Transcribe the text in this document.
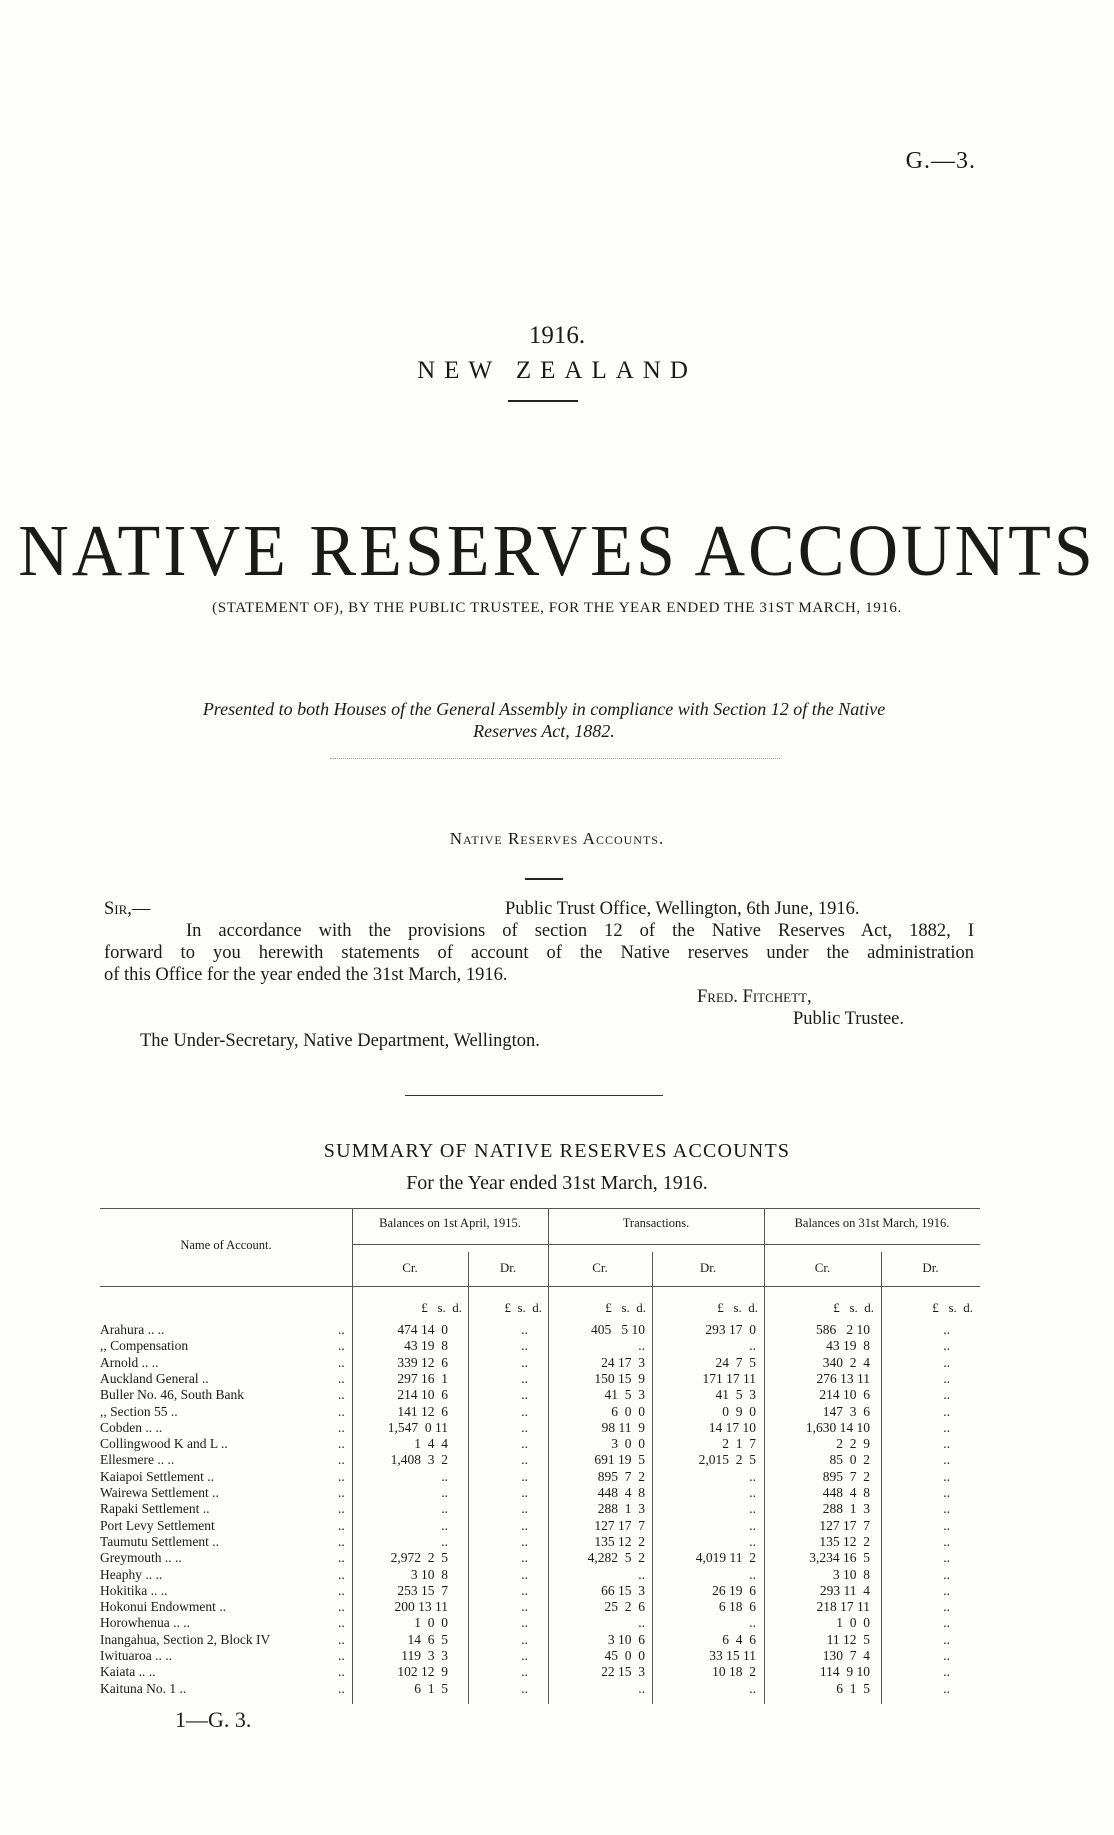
G.—3.
1916.
NEW ZEALAND
NATIVE RESERVES ACCOUNTS
(STATEMENT OF), BY THE PUBLIC TRUSTEE, FOR THE YEAR ENDED THE 31ST MARCH, 1916.
Presented to both Houses of the General Assembly in compliance with Section 12 of the Native
Reserves Act, 1882.
Native Reserves Accounts.
Sir,—	Public Trust Office, Wellington, 6th June, 1916.
In accordance with the provisions of section 12 of the Native Reserves Act, 1882, I
forward to you herewith statements of account of the Native reserves under the administration
of this Office for the year ended the 31st March, 1916.
Fred. Fitchett,
Public Trustee.
The Under-Secretary, Native Department, Wellington.
SUMMARY OF NATIVE RESERVES ACCOUNTS
For the Year ended 31st March, 1916.
Name of Account.
Balances on 1st April, 1915.	Transactions.	Balances on 31st March, 1916.
Cr.	Dr.	Cr.	Dr.	Cr.	Dr.
£   s.  d.	£  s.  d.	£   s.  d.	£   s.  d.	£   s.  d.	£   s.  d.
Arahura .. ..	..	474 14  0	..	405   5 10	293 17  0	586   2 10	..
,, Compensation	..	43 19  8	..	..	..	43 19  8	..
Arnold .. ..	..	339 12  6	..	24 17  3	24  7  5	340  2  4	..
Auckland General ..	..	297 16  1	..	150 15  9	171 17 11	276 13 11	..
Buller No. 46, South Bank	..	214 10  6	..	41  5  3	41  5  3	214 10  6	..
,, Section 55 ..	..	141 12  6	..	6  0  0	0  9  0	147  3  6	..
Cobden .. ..	..	1,547  0 11	..	98 11  9	14 17 10	1,630 14 10	..
Collingwood K and L ..	..	1  4  4	..	3  0  0	2  1  7	2  2  9	..
Ellesmere .. ..	..	1,408  3  2	..	691 19  5	2,015  2  5	85  0  2	..
Kaiapoi Settlement ..	..	..	..	895  7  2	..	895  7  2	..
Wairewa Settlement ..	..	..	..	448  4  8	..	448  4  8	..
Rapaki Settlement ..	..	..	..	288  1  3	..	288  1  3	..
Port Levy Settlement	..	..	..	127 17  7	..	127 17  7	..
Taumutu Settlement ..	..	..	..	135 12  2	..	135 12  2	..
Greymouth .. ..	..	2,972  2  5	..	4,282  5  2	4,019 11  2	3,234 16  5	..
Heaphy .. ..	..	3 10  8	..	..	..	3 10  8	..
Hokitika .. ..	..	253 15  7	..	66 15  3	26 19  6	293 11  4	..
Hokonui Endowment ..	..	200 13 11	..	25  2  6	6 18  6	218 17 11	..
Horowhenua .. ..	..	1  0  0	..	..	..	1  0  0	..
Inangahua, Section 2, Block IV	..	14  6  5	..	3 10  6	6  4  6	11 12  5	..
Iwituaroa .. ..	..	119  3  3	..	45  0  0	33 15 11	130  7  4	..
Kaiata .. ..	..	102 12  9	..	22 15  3	10 18  2	114  9 10	..
Kaituna No. 1 ..	..	6  1  5	..	..	..	6  1  5	..
1—G. 3.
